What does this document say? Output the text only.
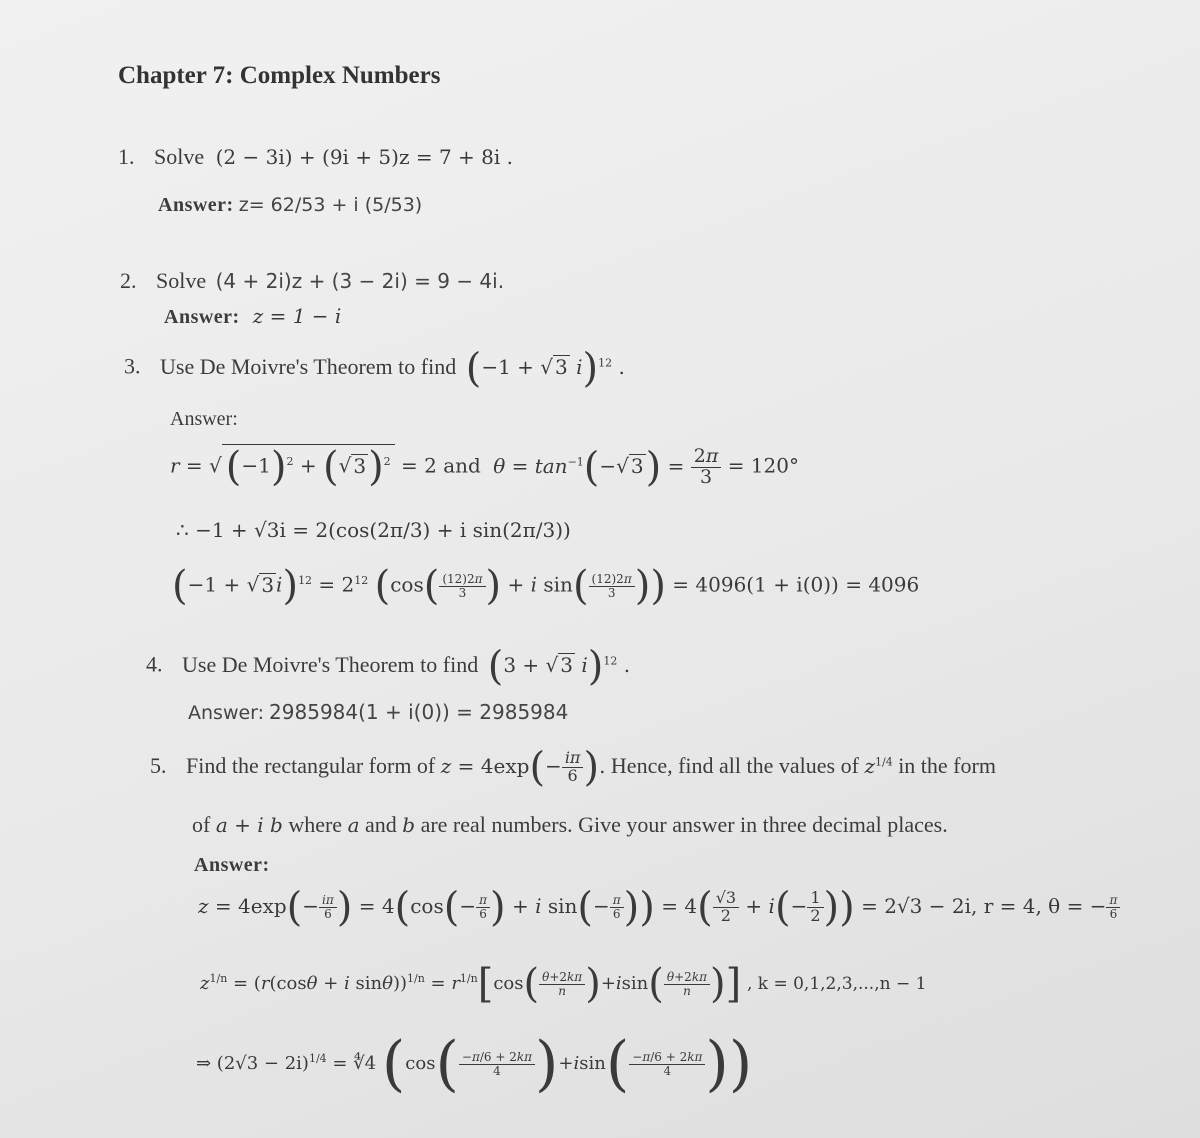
Chapter 7: Complex Numbers
1. Solve (2 − 3i) + (9i + 5)z = 7 + 8i .
Answer: z= 62/53 + i (5/53)
2. Solve (4 + 2i)z + (3 − 2i) = 9 − 4i.
Answer: z = 1 − i
3. Use De Moivre's Theorem to find (−1 + √ 3 i)$^{12}$ .
Answer:
r = √ $(-1)^2$ + (√ 3)$^2$ = 2 and $\theta = \tan^{-1}(-√$ $3) = \frac{2\pi}{3} = 120^\circ$
∴ −1 + √3i = 2(cos(2π/3) + i sin(2π/3))
(−1 + √ 3 $i)^{12} = 2^{12}$ ($\cos( \frac{(12)2\pi}{3}$ ) + i $\sin( \frac{(12)2\pi}{3}$ )) = 4096(1 + i(0)) = 4096
4. Use De Moivre's Theorem to find (3 + √ 3 i)$^{12}$ .
Answer: 2985984(1 + i(0)) = 2985984
5. Find the rectangular form of $z = 4\exp(- \frac{i\pi}{6}$ ). Hence, find all the values of $z^{1/4}$ in the form
of a + i b where a and b are real numbers. Give your answer in three decimal places.
Answer:
$z = 4\exp(- \frac{i\pi}{6}$ ) = $4(\cos(- \frac{\pi}{6}$ ) + i $\sin(- \frac{\pi}{6}$ )) = $4( \frac{√3}{2} + i(- \frac{1}{2}$ )) = 2√3 − 2i, r = 4, θ = − $\frac{\pi}{6}$
$z^{1/n} = (r(\cos\theta + i$ $\sin\theta))^{1/n} = r^{1/n}[\cos( \frac{\theta+2k\pi}{n} )+isin( \frac{\theta+2k\pi}{n}$ )] , k = 0,1,2,3,...,n − 1
⇒ $(2√3 - 2i)^{1/4}$ = ∜4 ($\cos( \frac{-\pi/6 + 2k\pi}{4} )+isin( \frac{-\pi/6 + 2k\pi}{4}$ ))
